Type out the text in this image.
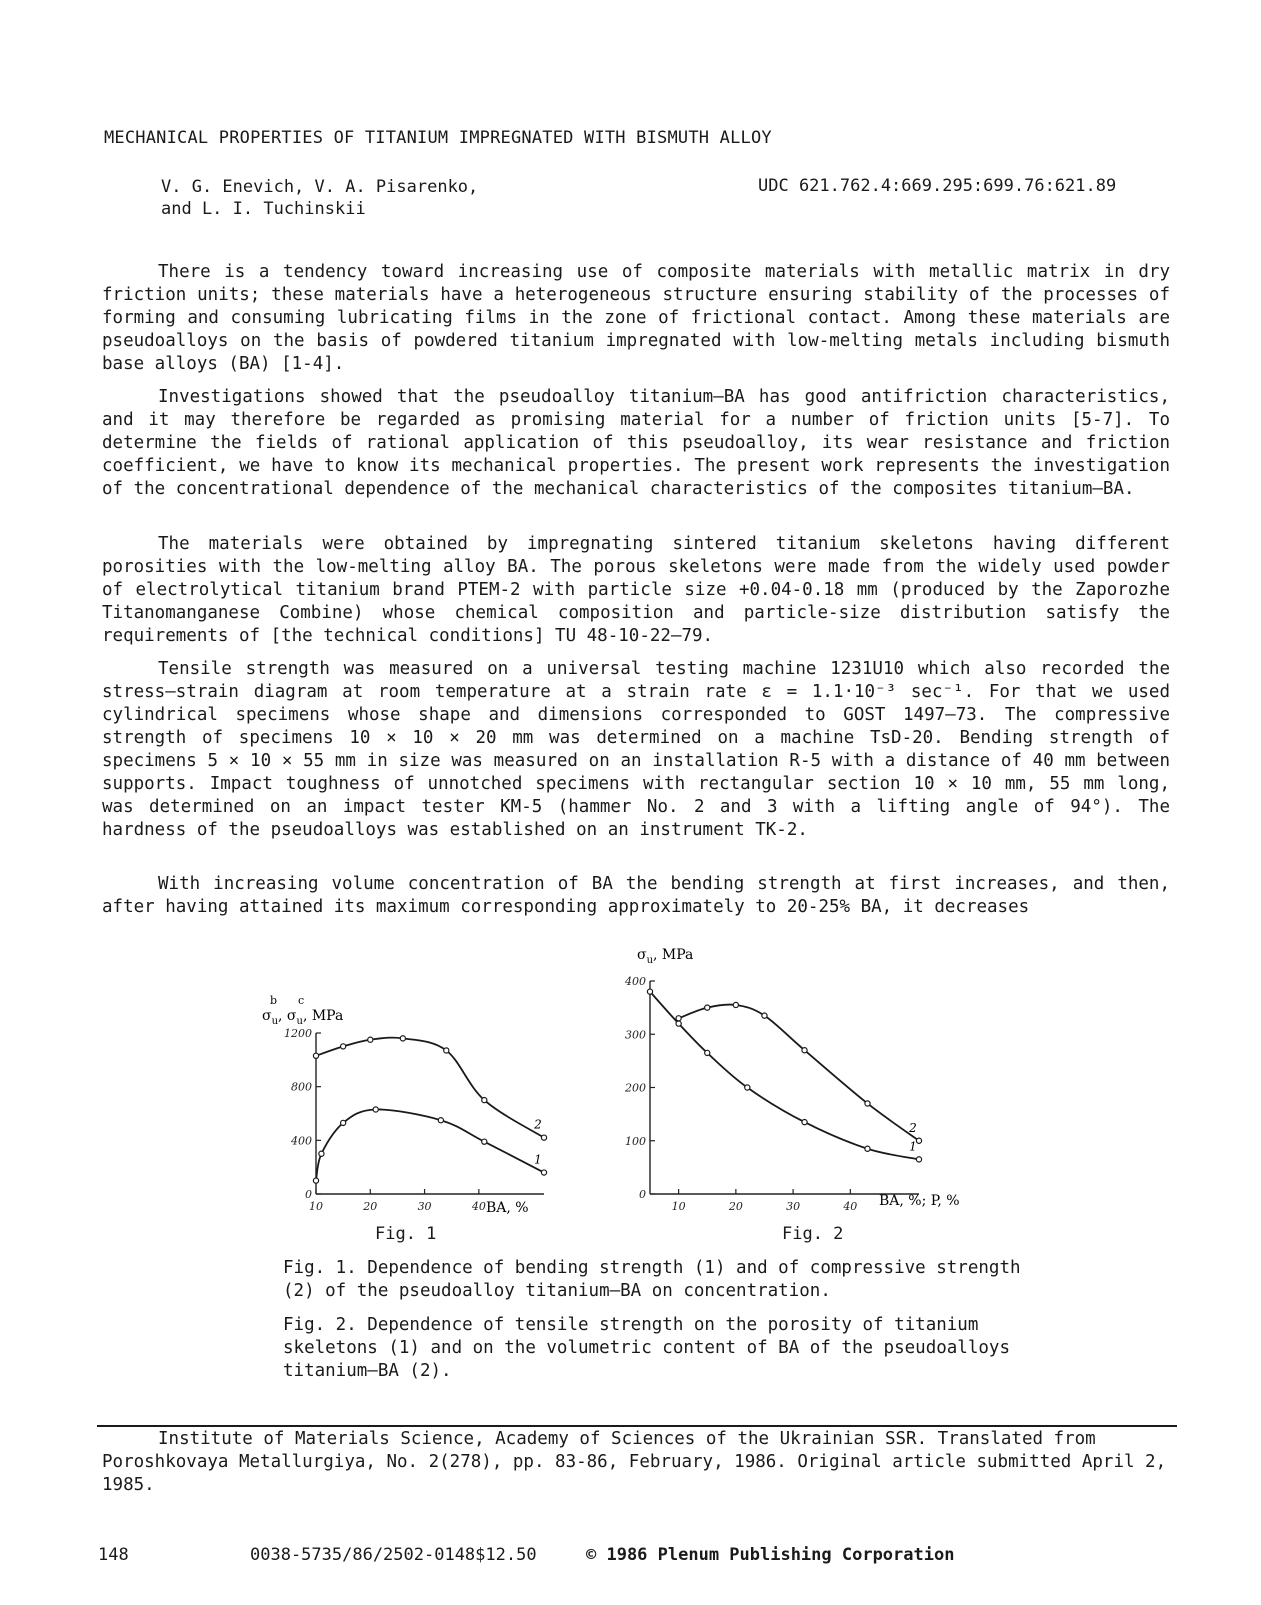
MECHANICAL PROPERTIES OF TITANIUM IMPREGNATED WITH BISMUTH ALLOY
V. G. Enevich, V. A. Pisarenko,
and L. I. Tuchinskii
UDC 621.762.4:669.295:699.76:621.89

There is a tendency toward increasing use of composite materials with metallic matrix in dry friction units; these materials have a heterogeneous structure ensuring stability of the processes of forming and consuming lubricating films in the zone of frictional contact. Among these materials are pseudoalloys on the basis of powdered titanium impregnated with low-melting metals including bismuth base alloys (BA) [1-4].

Investigations showed that the pseudoalloy titanium–BA has good antifriction characteristics, and it may therefore be regarded as promising material for a number of friction units [5-7]. To determine the fields of rational application of this pseudoalloy, its wear resistance and friction coefficient, we have to know its mechanical properties. The present work represents the investigation of the concentrational dependence of the mechanical characteristics of the composites titanium–BA.

The materials were obtained by impregnating sintered titanium skeletons having different porosities with the low-melting alloy BA. The porous skeletons were made from the widely used powder of electrolytical titanium brand PTEM-2 with particle size +0.04-0.18 mm (produced by the Zaporozhe Titanomanganese Combine) whose chemical composition and particle-size distribution satisfy the requirements of [the technical conditions] TU 48-10-22–79.

Tensile strength was measured on a universal testing machine 1231U10 which also recorded the stress–strain diagram at room temperature at a strain rate ε = 1.1·10⁻³ sec⁻¹. For that we used cylindrical specimens whose shape and dimensions corresponded to GOST 1497–73. The compressive strength of specimens 10 × 10 × 20 mm was determined on a machine TsD-20. Bending strength of specimens 5 × 10 × 55 mm in size was measured on an installation R-5 with a distance of 40 mm between supports. Impact toughness of unnotched specimens with rectangular section 10 × 10 mm, 55 mm long, was determined on an impact tester KM-5 (hammer No. 2 and 3 with a lifting angle of 94°). The hardness of the pseudoalloys was established on an instrument TK-2.

With increasing volume concentration of BA the bending strength at first increases, and then, after having attained its maximum corresponding approximately to 20-25% BA, it decreases

$\sigma_u$, $\sigma_u$, MPa
b c
BA, %
0
400
800
1200
10	20	30	40
1
2
Fig. 1
$\sigma_u$, MPa
BA, %; P, %
0
100
200
300
400
10	20	30	40
1
2
Fig. 2

Fig. 1. Dependence of bending strength (1) and of compressive strength (2) of the pseudoalloy titanium–BA on concentration.

Fig. 2. Dependence of tensile strength on the porosity of titanium skeletons (1) and on the volumetric content of BA of the pseudoalloys titanium–BA (2).

Institute of Materials Science, Academy of Sciences of the Ukrainian SSR. Translated from Poroshkovaya Metallurgiya, No. 2(278), pp. 83-86, February, 1986. Original article submitted April 2, 1985.

148	0038-5735/86/2502-0148$12.50	© 1986 Plenum Publishing Corporation
